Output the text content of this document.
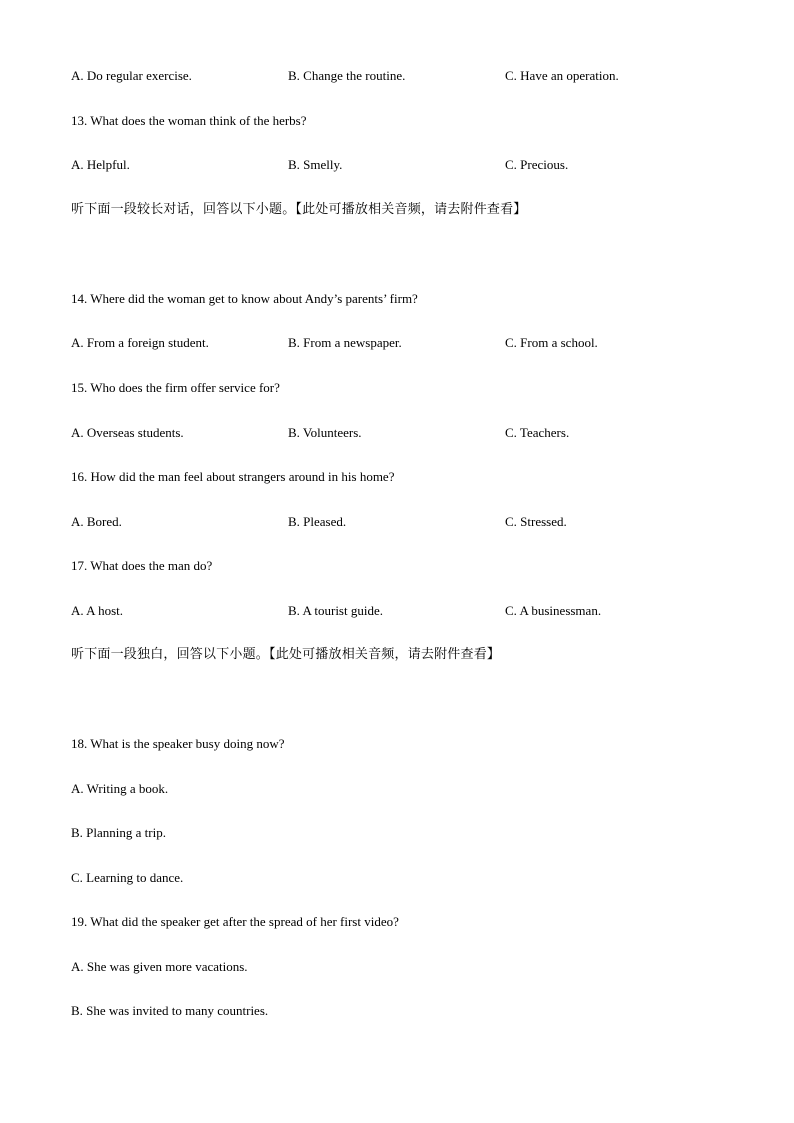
A. Do regular exercise.	B. Change the routine.	C. Have an operation.
13. What does the woman think of the herbs?
A. Helpful.	B. Smelly.	C. Precious.
听下面一段较长对话，回答以下小题。【此处可播放相关音频，请去附件查看】
14. Where did the woman get to know about Andy’s parents’ firm?
A. From a foreign student.	B. From a newspaper.	C. From a school.
15. Who does the firm offer service for?
A. Overseas students.	B. Volunteers.	C. Teachers.
16. How did the man feel about strangers around in his home?
A. Bored.	B. Pleased.	C. Stressed.
17. What does the man do?
A. A host.	B. A tourist guide.	C. A businessman.
听下面一段独白，回答以下小题。【此处可播放相关音频，请去附件查看】
18. What is the speaker busy doing now?
A. Writing a book.
B. Planning a trip.
C. Learning to dance.
19. What did the speaker get after the spread of her first video?
A. She was given more vacations.
B. She was invited to many countries.
